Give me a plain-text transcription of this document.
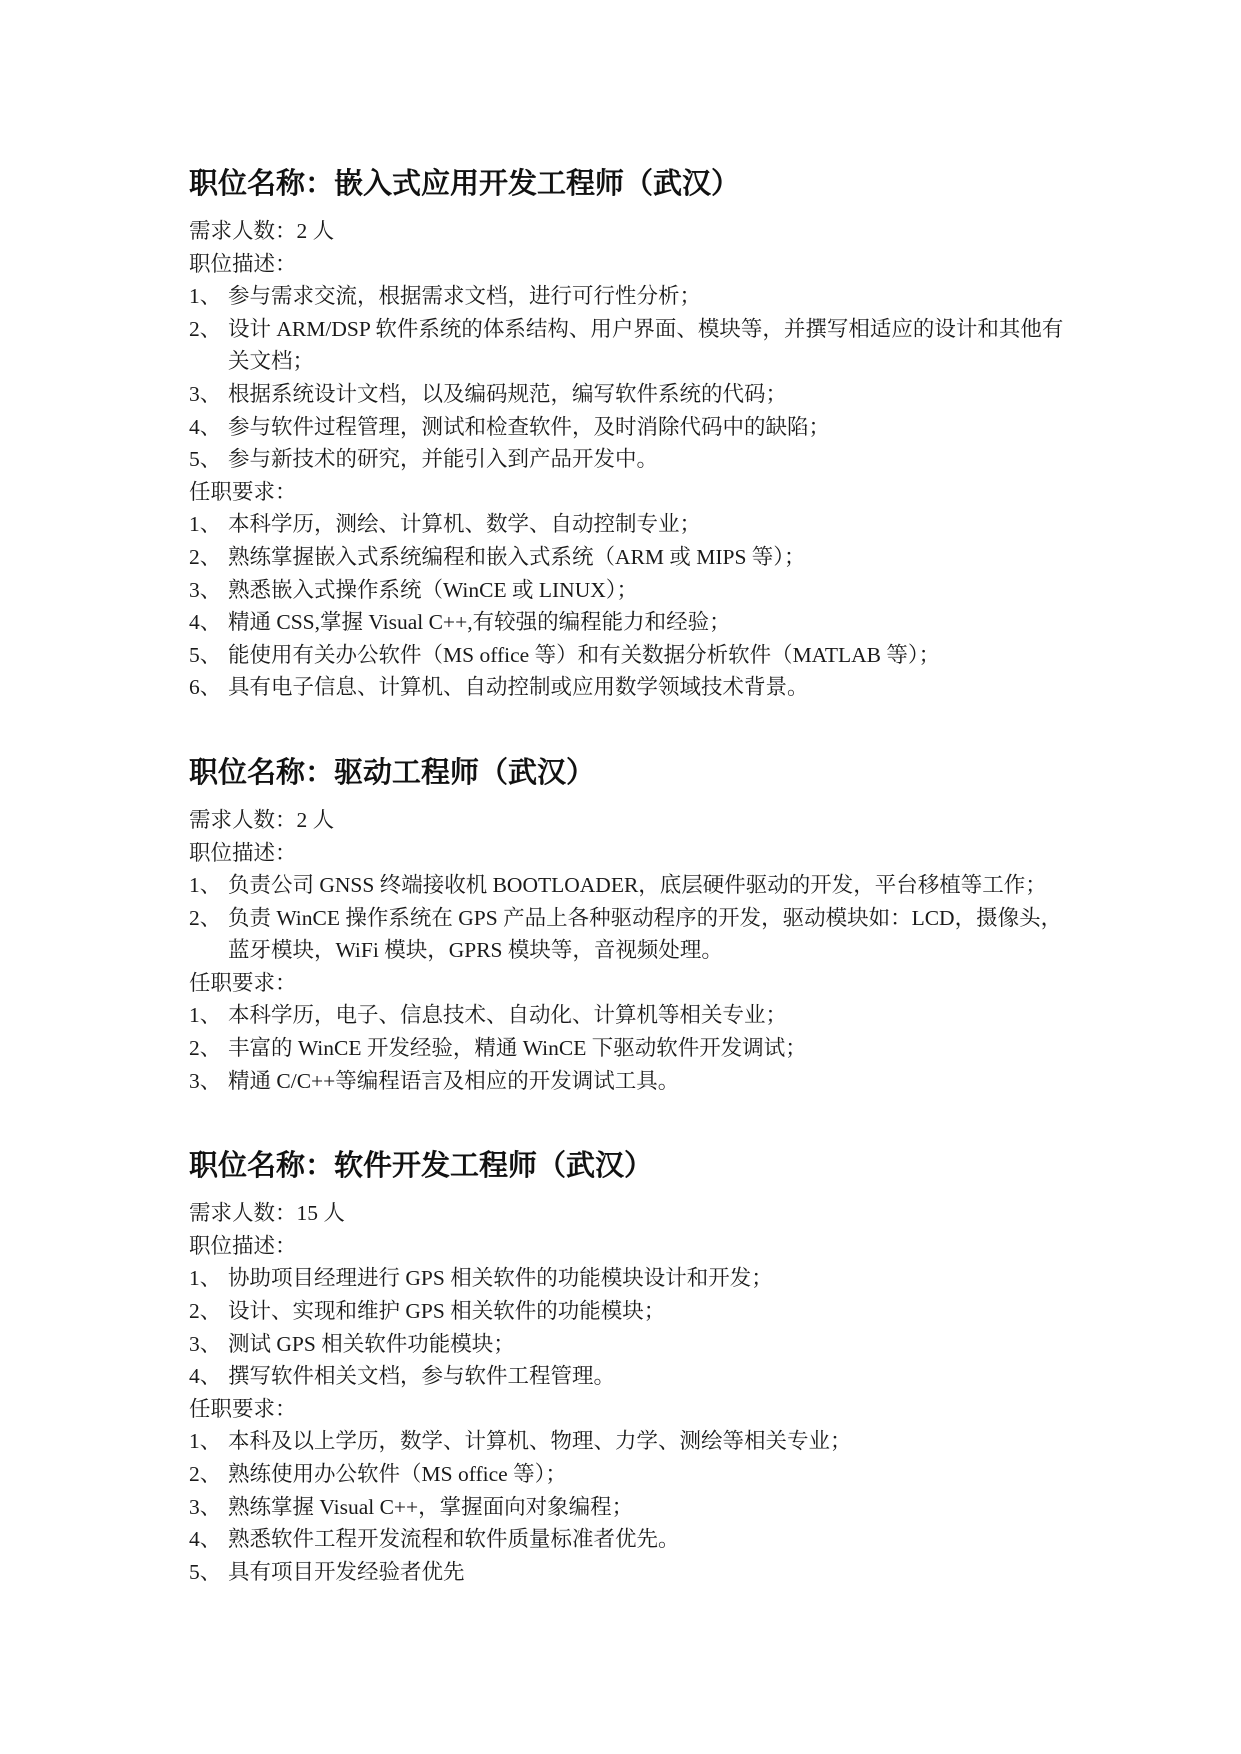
职位名称：嵌入式应用开发工程师（武汉）

需求人数：2 人

职位描述：

1、 参与需求交流，根据需求文档，进行可行性分析；
2、 设计 ARM/DSP 软件系统的体系结构、用户界面、模块等，并撰写相适应的设计和其他有
关文档；
3、 根据系统设计文档，以及编码规范，编写软件系统的代码；
4、 参与软件过程管理，测试和检查软件，及时消除代码中的缺陷；
5、 参与新技术的研究，并能引入到产品开发中。

任职要求：

1、 本科学历，测绘、计算机、数学、自动控制专业；
2、 熟练掌握嵌入式系统编程和嵌入式系统（ARM 或 MIPS 等）；
3、 熟悉嵌入式操作系统（WinCE 或 LINUX）；
4、 精通 CSS,掌握 Visual C++,有较强的编程能力和经验；
5、 能使用有关办公软件（MS office 等）和有关数据分析软件（MATLAB 等）；
6、 具有电子信息、计算机、自动控制或应用数学领域技术背景。
职位名称：驱动工程师（武汉）

需求人数：2 人

职位描述：

1、 负责公司 GNSS 终端接收机 BOOTLOADER，底层硬件驱动的开发，平台移植等工作；
2、 负责 WinCE 操作系统在 GPS 产品上各种驱动程序的开发，驱动模块如：LCD，摄像头，
蓝牙模块，WiFi 模块，GPRS 模块等，音视频处理。

任职要求：

1、 本科学历，电子、信息技术、自动化、计算机等相关专业；
2、 丰富的 WinCE 开发经验，精通 WinCE 下驱动软件开发调试；
3、 精通 C/C++等编程语言及相应的开发调试工具。
职位名称：软件开发工程师（武汉）

需求人数：15 人

职位描述：

1、 协助项目经理进行 GPS 相关软件的功能模块设计和开发；
2、 设计、实现和维护 GPS 相关软件的功能模块；
3、 测试 GPS 相关软件功能模块；
4、 撰写软件相关文档，参与软件工程管理。

任职要求：

1、 本科及以上学历，数学、计算机、物理、力学、测绘等相关专业；
2、 熟练使用办公软件（MS office 等）；
3、 熟练掌握 Visual C++，掌握面向对象编程；
4、 熟悉软件工程开发流程和软件质量标准者优先。
5、 具有项目开发经验者优先
